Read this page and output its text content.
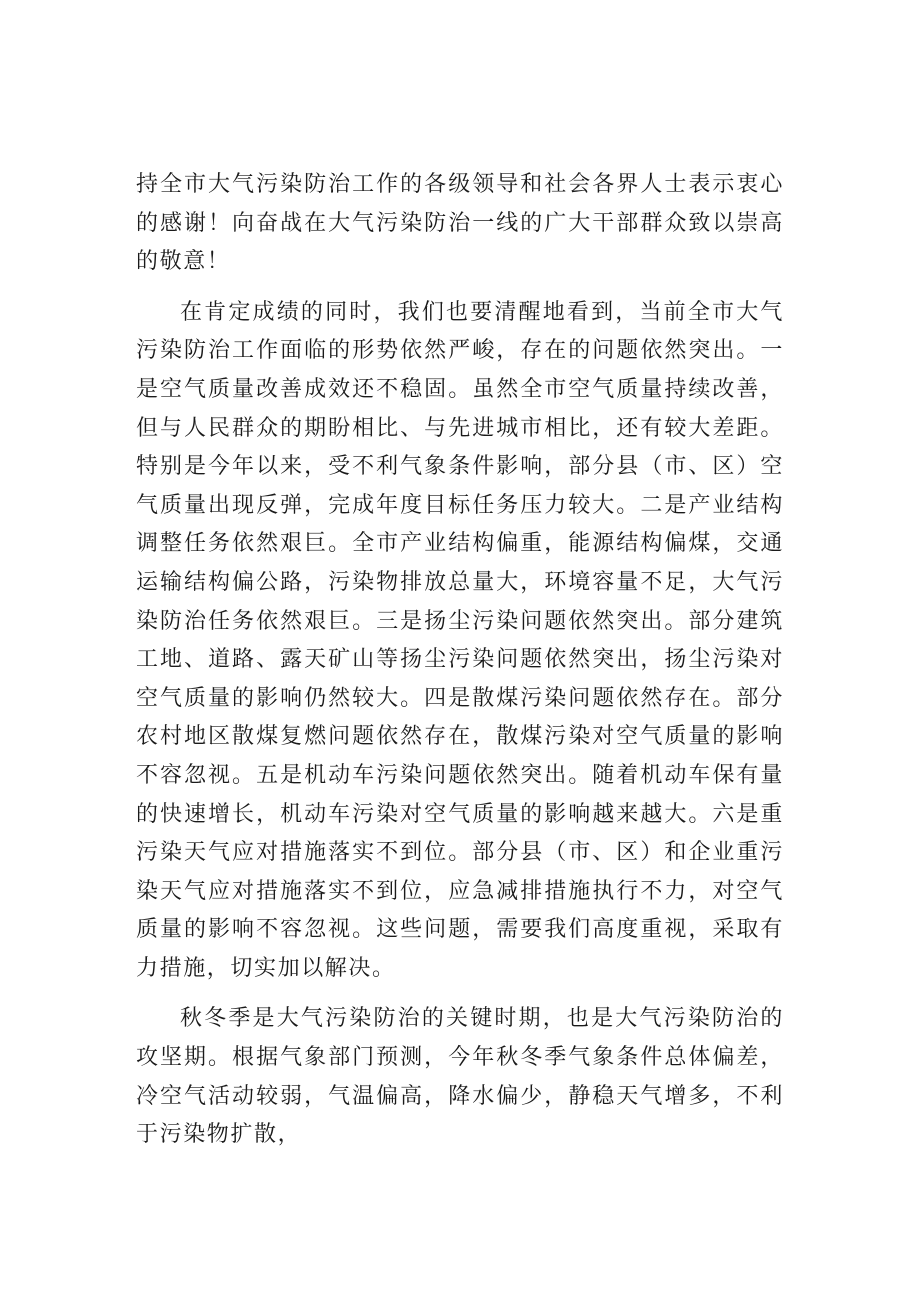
持全市大气污染防治工作的各级领导和社会各界人士表示衷心的感谢！向奋战在大气污染防治一线的广大干部群众致以崇高的敬意！

在肯定成绩的同时，我们也要清醒地看到，当前全市大气污染防治工作面临的形势依然严峻，存在的问题依然突出。一是空气质量改善成效还不稳固。虽然全市空气质量持续改善，但与人民群众的期盼相比、与先进城市相比，还有较大差距。特别是今年以来，受不利气象条件影响，部分县（市、区）空气质量出现反弹，完成年度目标任务压力较大。二是产业结构调整任务依然艰巨。全市产业结构偏重，能源结构偏煤，交通运输结构偏公路，污染物排放总量大，环境容量不足，大气污染防治任务依然艰巨。三是扬尘污染问题依然突出。部分建筑工地、道路、露天矿山等扬尘污染问题依然突出，扬尘污染对空气质量的影响仍然较大。四是散煤污染问题依然存在。部分农村地区散煤复燃问题依然存在，散煤污染对空气质量的影响不容忽视。五是机动车污染问题依然突出。随着机动车保有量的快速增长，机动车污染对空气质量的影响越来越大。六是重污染天气应对措施落实不到位。部分县（市、区）和企业重污染天气应对措施落实不到位，应急减排措施执行不力，对空气质量的影响不容忽视。这些问题，需要我们高度重视，采取有力措施，切实加以解决。

秋冬季是大气污染防治的关键时期，也是大气污染防治的攻坚期。根据气象部门预测，今年秋冬季气象条件总体偏差，冷空气活动较弱，气温偏高，降水偏少，静稳天气增多，不利于污染物扩散，
